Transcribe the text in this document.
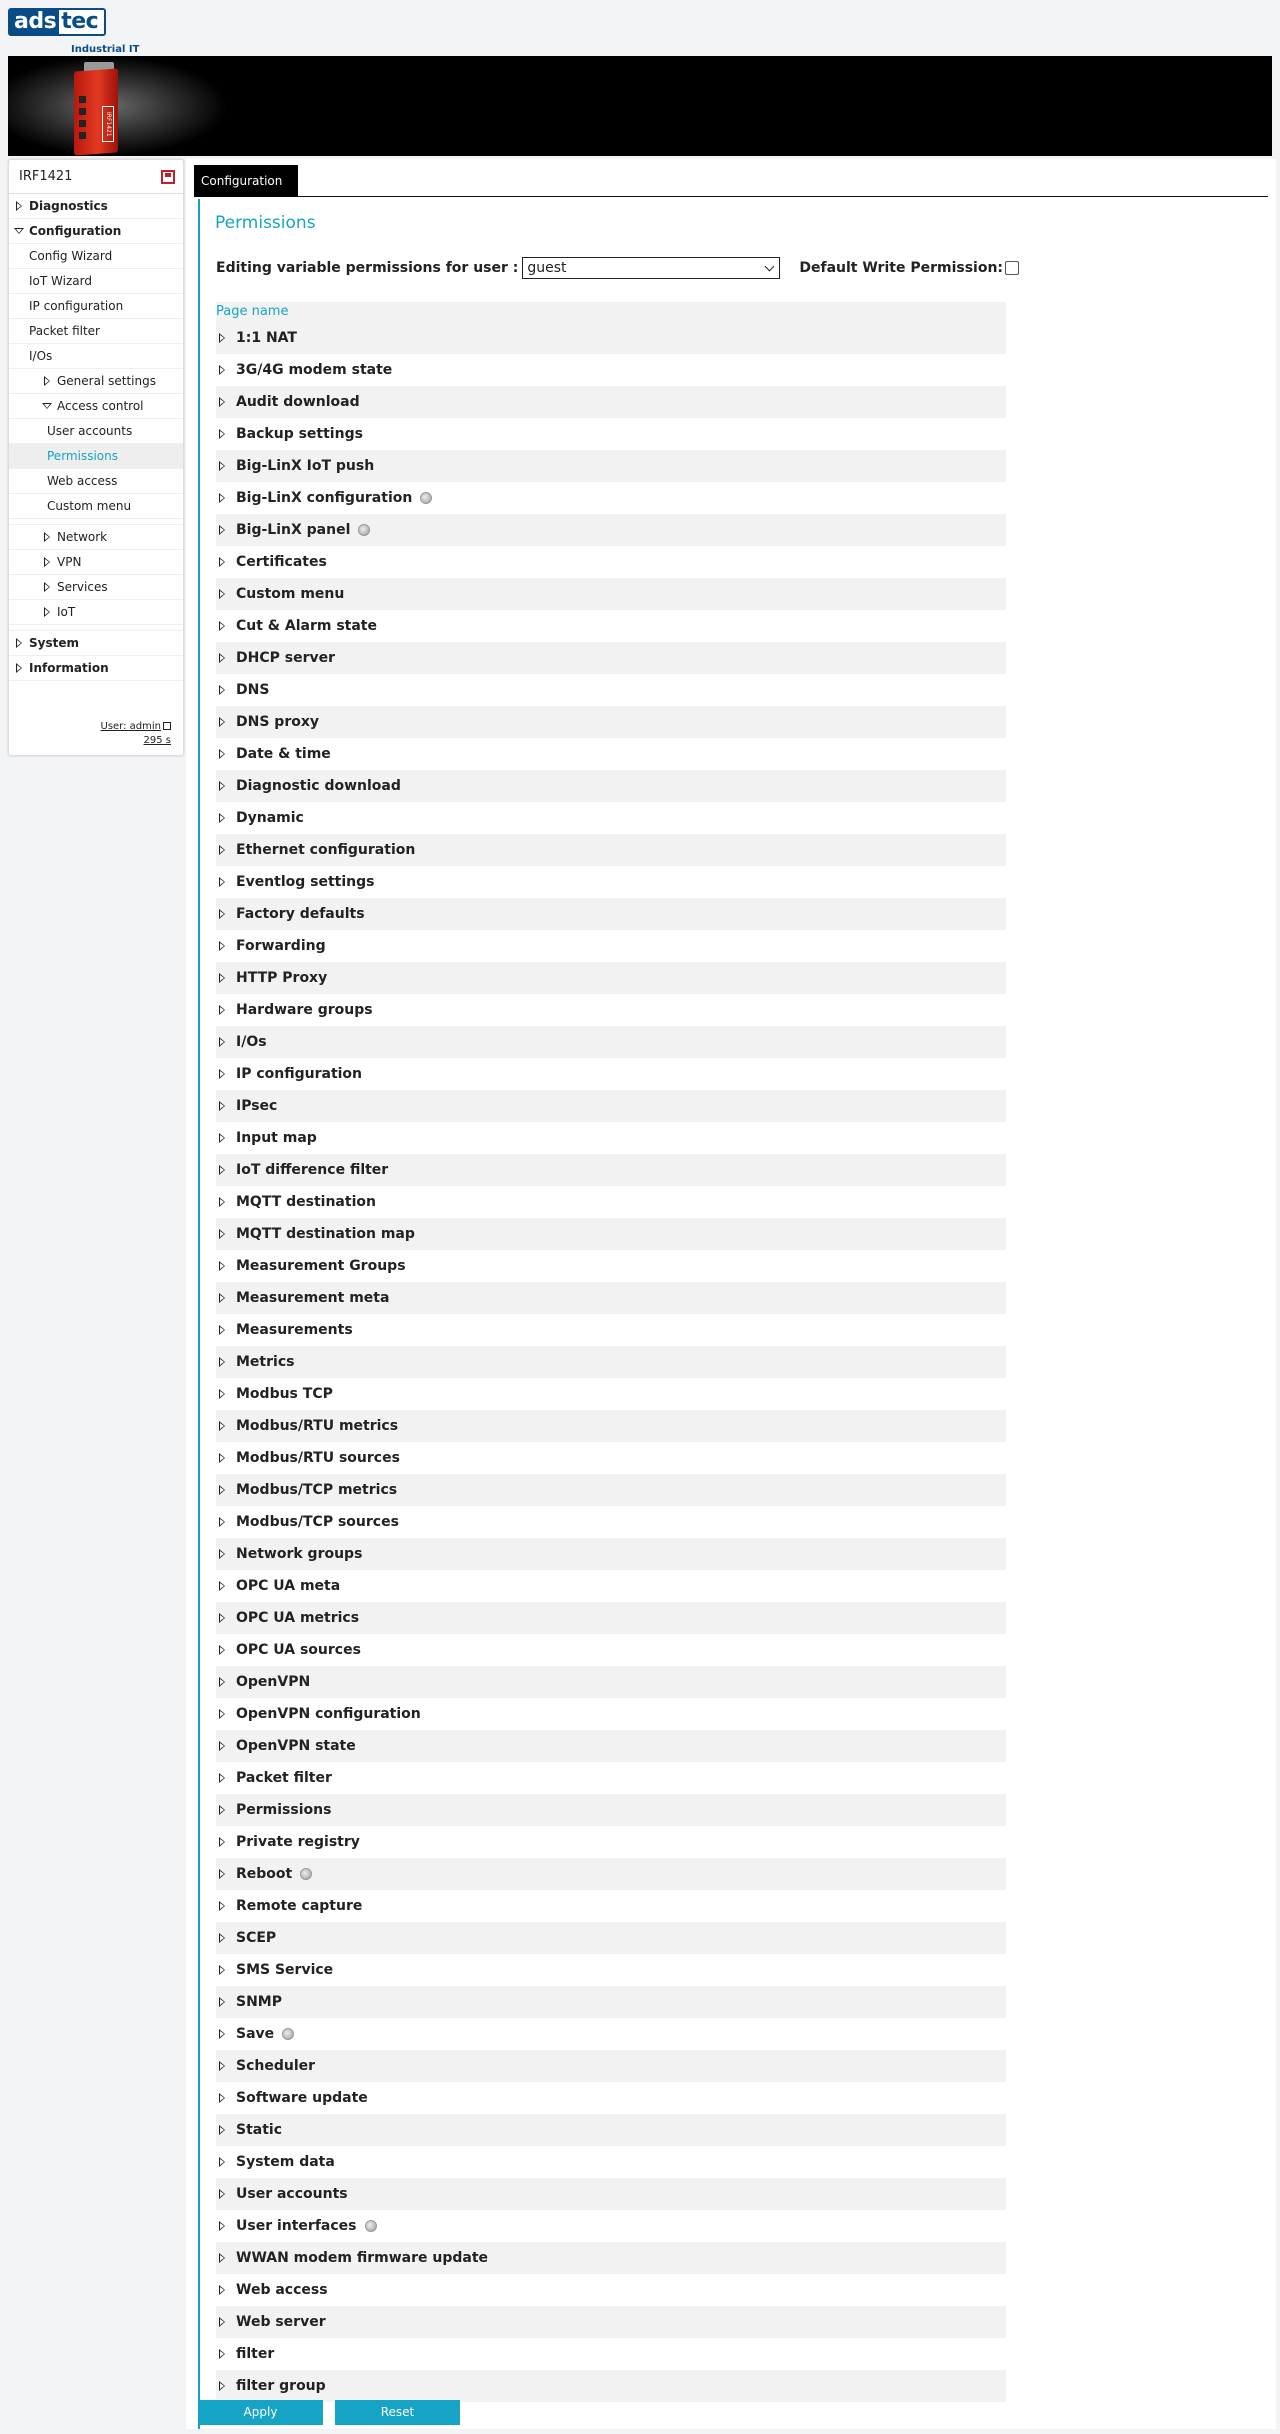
ads tec
Industrial IT
IRF1421
IRF1421
Diagnostics
Configuration
Config Wizard
IoT Wizard
IP configuration
Packet filter
I/Os
General settings
Access control
User accounts
Permissions
Web access
Custom menu
Network
VPN
Services
IoT
System
Information
User: admin
295 s
Configuration
Permissions
Editing variable permissions for user : guest	Default Write Permission:
Page name
1:1 NAT
3G/4G modem state
Audit download
Backup settings
Big-LinX IoT push
Big-LinX configuration
Big-LinX panel
Certificates
Custom menu
Cut & Alarm state
DHCP server
DNS
DNS proxy
Date & time
Diagnostic download
Dynamic
Ethernet configuration
Eventlog settings
Factory defaults
Forwarding
HTTP Proxy
Hardware groups
I/Os
IP configuration
IPsec
Input map
IoT difference filter
MQTT destination
MQTT destination map
Measurement Groups
Measurement meta
Measurements
Metrics
Modbus TCP
Modbus/RTU metrics
Modbus/RTU sources
Modbus/TCP metrics
Modbus/TCP sources
Network groups
OPC UA meta
OPC UA metrics
OPC UA sources
OpenVPN
OpenVPN configuration
OpenVPN state
Packet filter
Permissions
Private registry
Reboot
Remote capture
SCEP
SMS Service
SNMP
Save
Scheduler
Software update
Static
System data
User accounts
User interfaces
WWAN modem firmware update
Web access
Web server
filter
filter group
Apply	Reset
